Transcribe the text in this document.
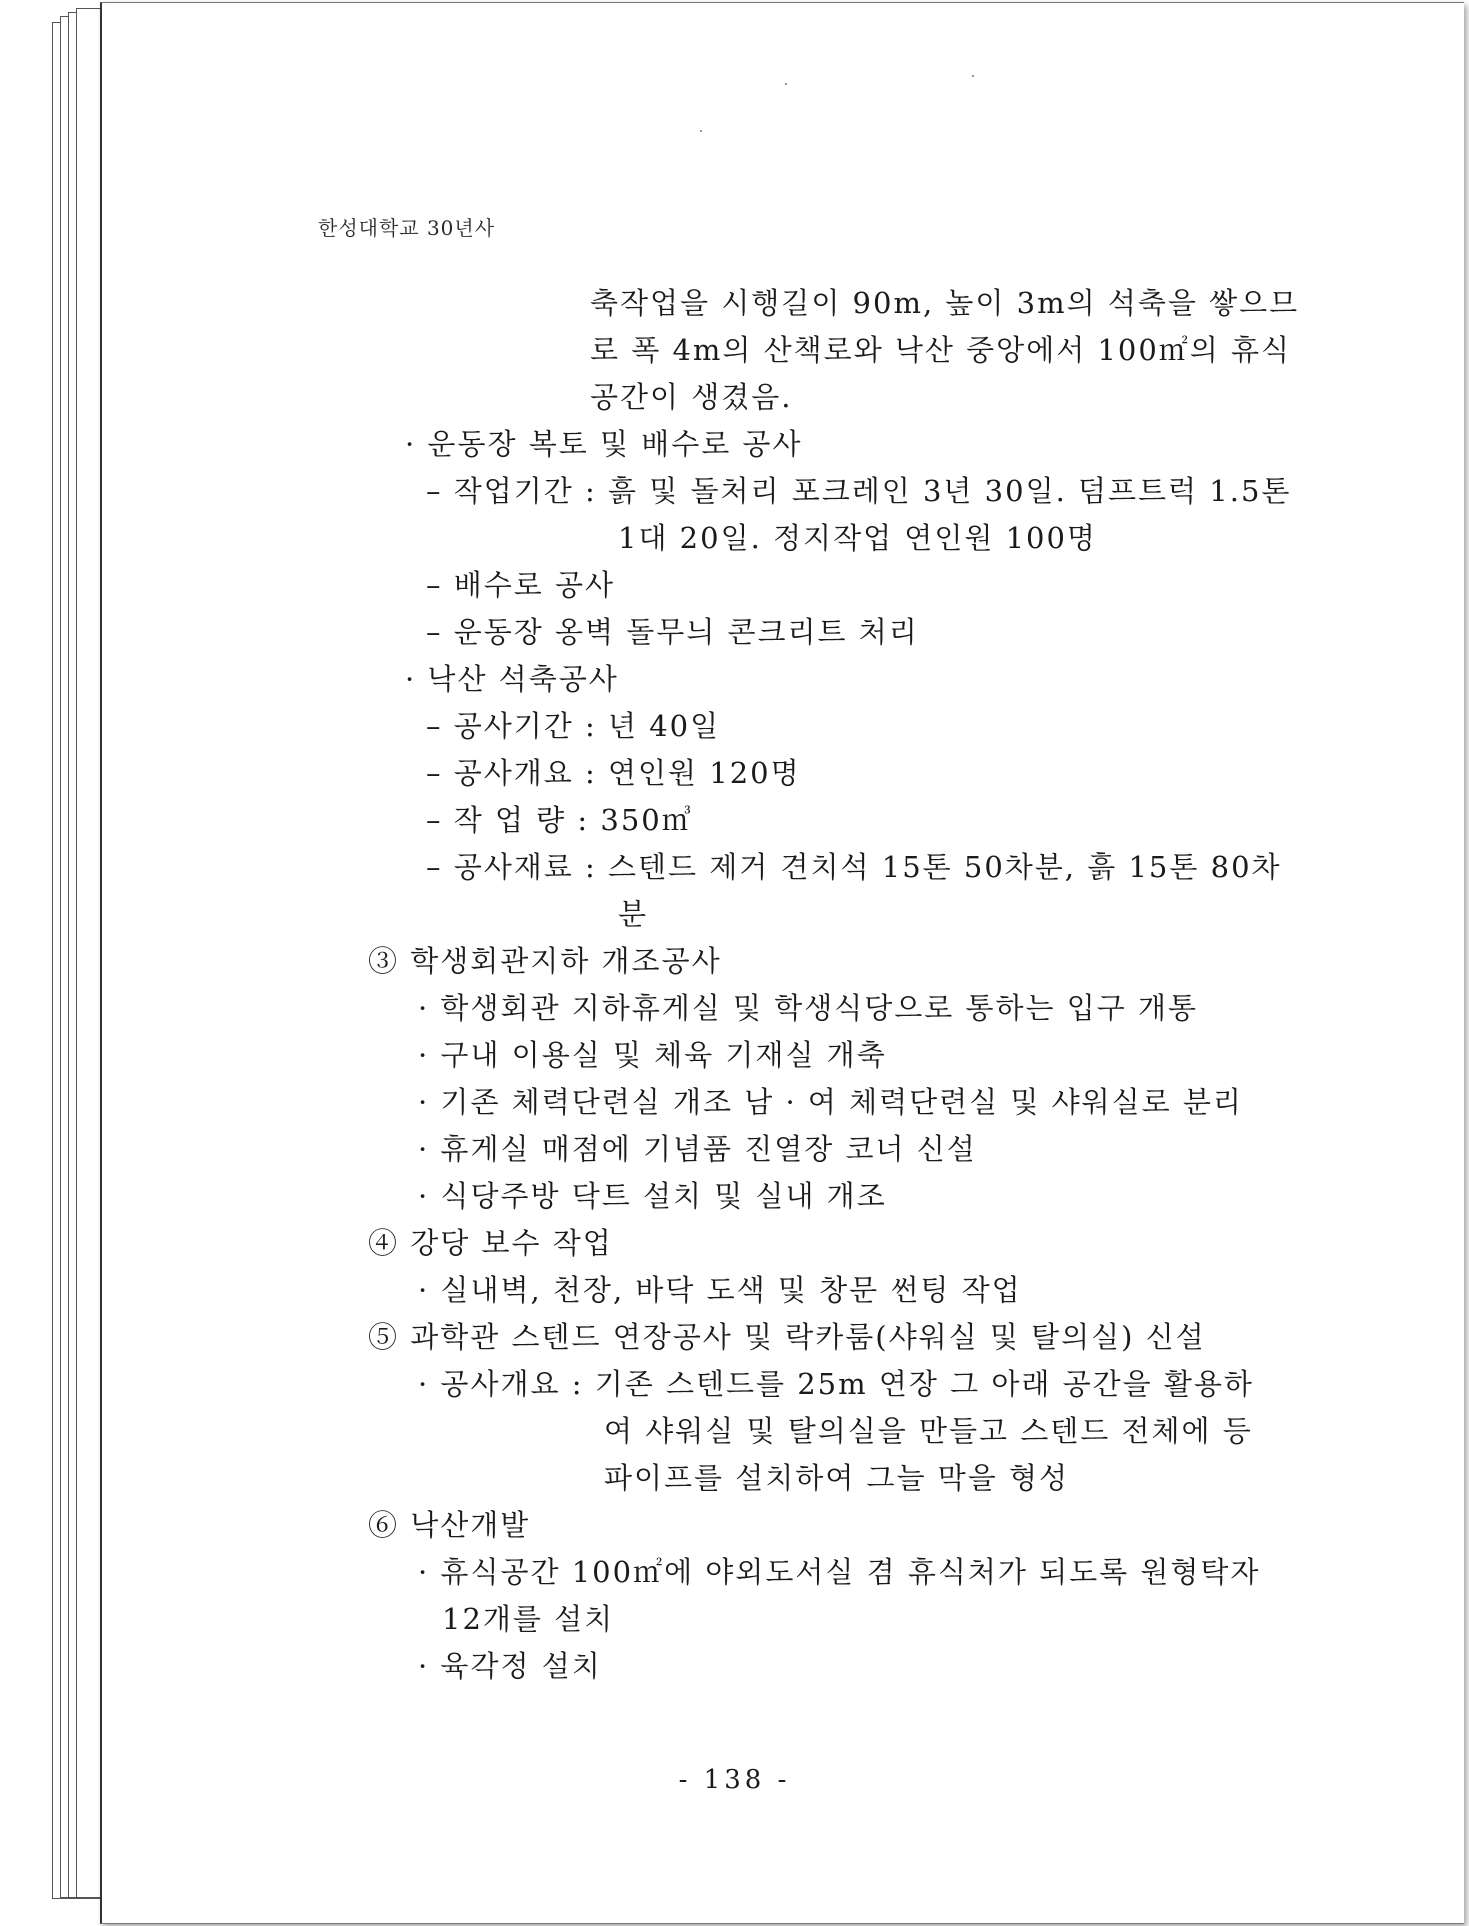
한성대학교 30년사
축작업을 시행길이 90m, 높이 3m의 석축을 쌓으므
로 폭 4m의 산책로와 낙산 중앙에서 100㎡의 휴식
공간이 생겼음.
· 운동장 복토 및 배수로 공사
– 작업기간 : 흙 및 돌처리 포크레인 3년 30일. 덤프트럭 1.5톤
1대 20일. 정지작업 연인원 100명
– 배수로 공사
– 운동장 옹벽 돌무늬 콘크리트 처리
· 낙산 석축공사
– 공사기간 : 년 40일
– 공사개요 : 연인원 120명
– 작 업 량 : 350㎥
– 공사재료 : 스텐드 제거 견치석 15톤 50차분, 흙 15톤 80차
분
③ 학생회관지하 개조공사
· 학생회관 지하휴게실 및 학생식당으로 통하는 입구 개통
· 구내 이용실 및 체육 기재실 개축
· 기존 체력단련실 개조 남 · 여 체력단련실 및 샤워실로 분리
· 휴게실 매점에 기념품 진열장 코너 신설
· 식당주방 닥트 설치 및 실내 개조
④ 강당 보수 작업
· 실내벽, 천장, 바닥 도색 및 창문 썬팅 작업
⑤ 과학관 스텐드 연장공사 및 락카룸(샤워실 및 탈의실) 신설
· 공사개요 : 기존 스텐드를 25m 연장 그 아래 공간을 활용하
여 샤워실 및 탈의실을 만들고 스텐드 전체에 등
파이프를 설치하여 그늘 막을 형성
⑥ 낙산개발
· 휴식공간 100㎡에 야외도서실 겸 휴식처가 되도록 원형탁자
12개를 설치
· 육각정 설치
- 138 -
